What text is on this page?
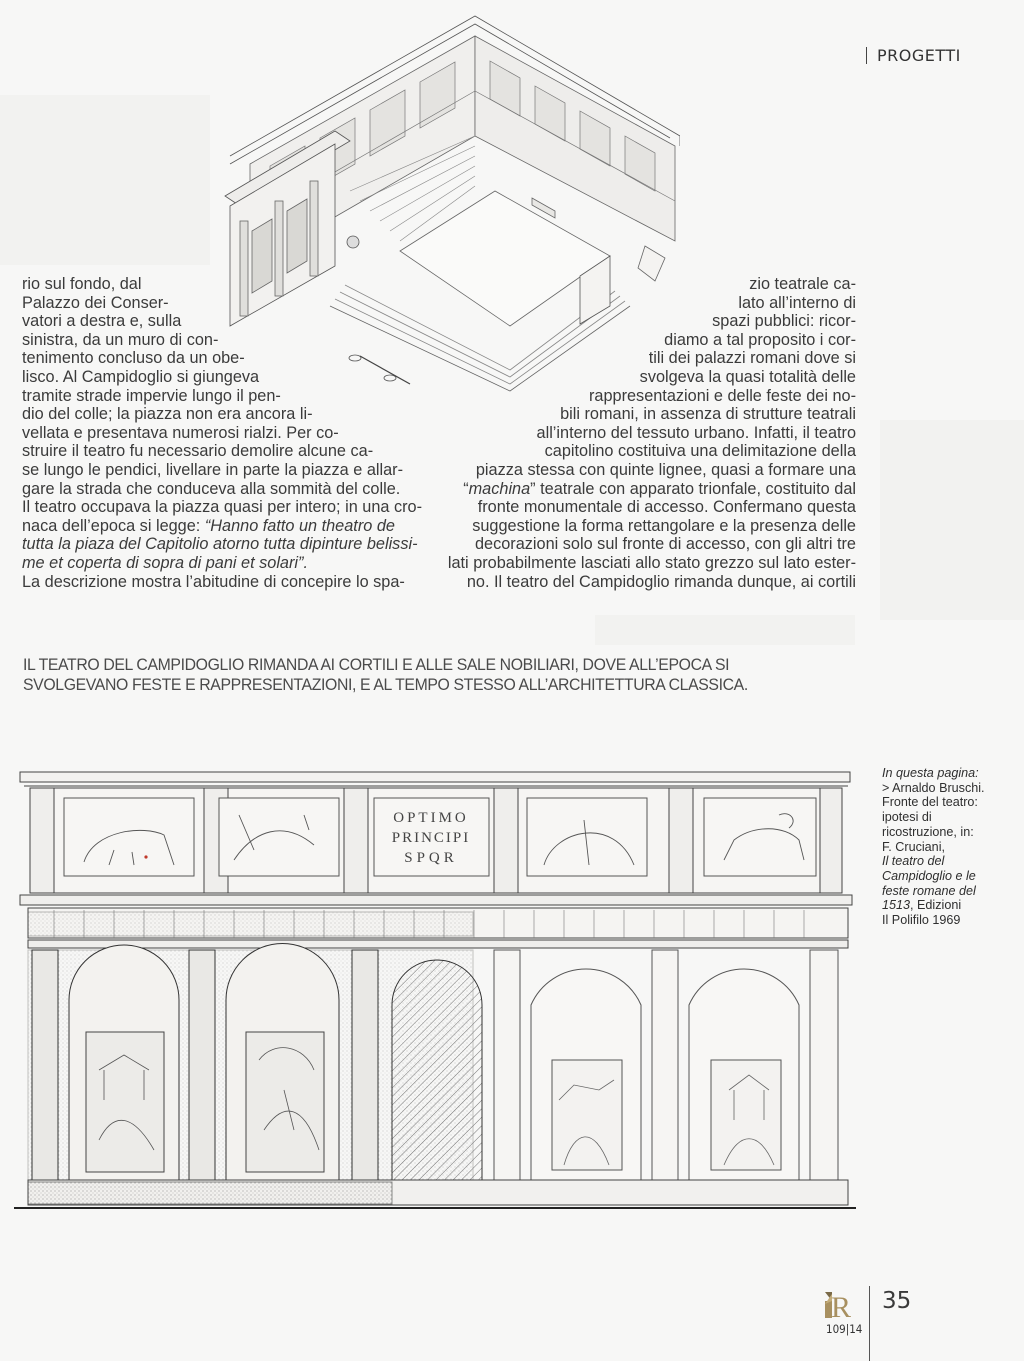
PROGETTI
rio sul fondo, dal
Palazzo dei Conser-
vatori a destra e, sulla
sinistra, da un muro di con-
tenimento concluso da un obe-
lisco. Al Campidoglio si giungeva
tramite strade impervie lungo il pen-
dio del colle; la piazza non era ancora li-
vellata e presentava numerosi rialzi. Per co-
struire il teatro fu necessario demolire alcune ca-
se lungo le pendici, livellare in parte la piazza e allar-
gare la strada che conduceva alla sommità del colle.
Il teatro occupava la piazza quasi per intero; in una cro-
naca dell’epoca si legge: “Hanno fatto un theatro de
tutta la piaza del Capitolio atorno tutta dipinture belissi-
me et coperta di sopra di pani et solari”.
La descrizione mostra l’abitudine di concepire lo spa-
zio teatrale ca-
lato all’interno di
spazi pubblici: ricor-
diamo a tal proposito i cor-
tili dei palazzi romani dove si
svolgeva la quasi totalità delle
rappresentazioni e delle feste dei no-
bili romani, in assenza di strutture teatrali
all’interno del tessuto urbano. Infatti, il teatro
capitolino costituiva una delimitazione della
piazza stessa con quinte lignee, quasi a formare una
“machina” teatrale con apparato trionfale, costituito dal
fronte monumentale di accesso. Confermano questa
suggestione la forma rettangolare e la presenza delle
decorazioni solo sul fronte di accesso, con gli altri tre
lati probabilmente lasciati allo stato grezzo sul lato ester-
no. Il teatro del Campidoglio rimanda dunque, ai cortili
IL TEATRO DEL CAMPIDOGLIO RIMANDA AI CORTILI E ALLE SALE NOBILIARI, DOVE ALL’EPOCA SI
SVOLGEVANO FESTE E RAPPRESENTAZIONI, E AL TEMPO STESSO ALL’ARCHITETTURA CLASSICA.
OPTIMO
PRINCIPI
SPQR
In questa pagina:
> Arnaldo Bruschi.
Fronte del teatro:
ipotesi di
ricostruzione, in:
F. Cruciani,
Il teatro del
Campidoglio e le
feste romane del
1513, Edizioni
Il Polifilo 1969
R
109|14
35
